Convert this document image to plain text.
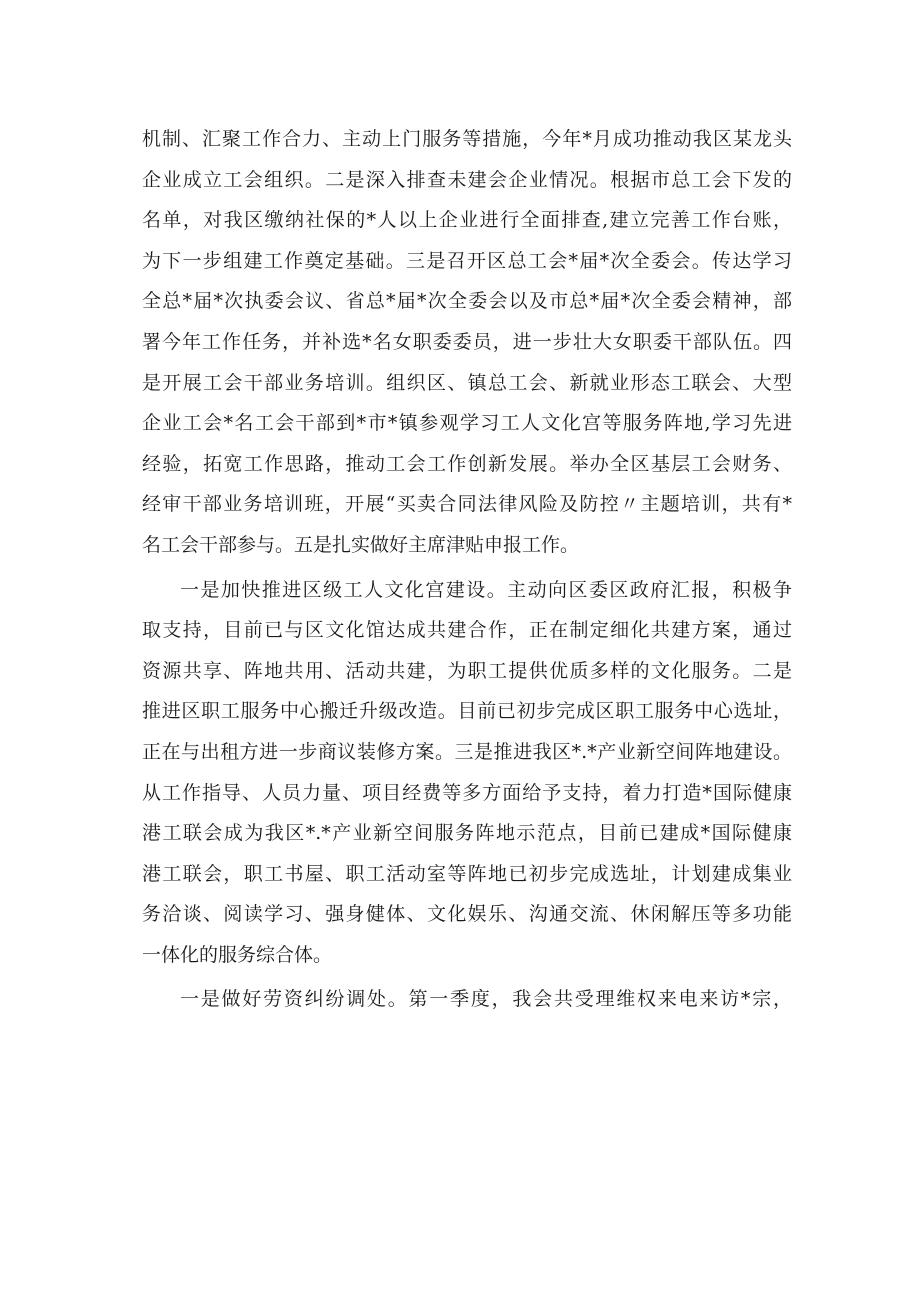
机制、汇聚工作合力、主动上门服务等措施，今年*月成功推动我区某龙头
企业成立工会组织。二是深入排查未建会企业情况。根据市总工会下发的
名单，对我区缴纳社保的*人以上企业进行全面排查,建立完善工作台账，
为下一步组建工作奠定基础。三是召开区总工会*届*次全委会。传达学习
全总*届*次执委会议、省总*届*次全委会以及市总*届*次全委会精神，部
署今年工作任务，并补选*名女职委委员，进一步壮大女职委干部队伍。四
是开展工会干部业务培训。组织区、镇总工会、新就业形态工联会、大型
企业工会*名工会干部到*市*镇参观学习工人文化宫等服务阵地,学习先进
经验，拓宽工作思路，推动工会工作创新发展。举办全区基层工会财务、
经审干部业务培训班，开展“买卖合同法律风险及防控〃主题培训，共有*
名工会干部参与。五是扎实做好主席津贴申报工作。
一是加快推进区级工人文化宫建设。主动向区委区政府汇报，积极争
取支持，目前已与区文化馆达成共建合作，正在制定细化共建方案，通过
资源共享、阵地共用、活动共建，为职工提供优质多样的文化服务。二是
推进区职工服务中心搬迁升级改造。目前已初步完成区职工服务中心选址，
正在与出租方进一步商议装修方案。三是推进我区*.*产业新空间阵地建设。
从工作指导、人员力量、项目经费等多方面给予支持，着力打造*国际健康
港工联会成为我区*.*产业新空间服务阵地示范点，目前已建成*国际健康
港工联会，职工书屋、职工活动室等阵地已初步完成选址，计划建成集业
务洽谈、阅读学习、强身健体、文化娱乐、沟通交流、休闲解压等多功能
一体化的服务综合体。
一是做好劳资纠纷调处。第一季度，我会共受理维权来电来访*宗，
